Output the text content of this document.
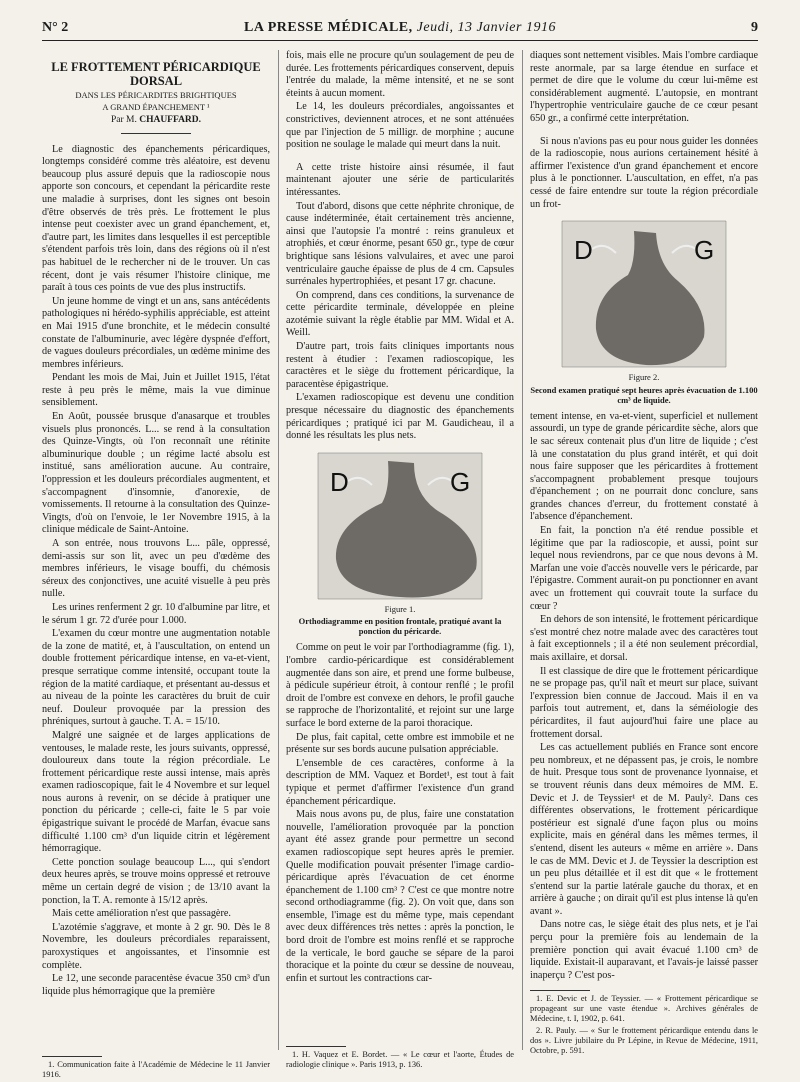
N° 2	LA PRESSE MÉDICALE, Jeudi, 13 Janvier 1916	9
LE FROTTEMENT PÉRICARDIQUE DORSAL
DANS LES PÉRICARDITES BRIGHTIQUES
A GRAND ÉPANCHEMENT ¹
Par M. CHAUFFARD.

Le diagnostic des épanchements péricardiques, longtemps considéré comme très aléatoire, est devenu beaucoup plus assuré depuis que la radioscopie nous apporte son concours, et cependant la péricardite reste une maladie à surprises, dont les signes ont besoin d'être observés de très près. Le frottement le plus intense peut coexister avec un grand épanchement, et, d'autre part, les limites dans lesquelles il est perceptible s'étendent parfois très loin, dans des régions où il n'est pas habituel de le rechercher ni de le trouver. Un cas récent, dont je vais résumer l'histoire clinique, me paraît à tous ces points de vue des plus instructifs.

Un jeune homme de vingt et un ans, sans antécédents pathologiques ni hérédo-syphilis appréciable, est atteint en Mai 1915 d'une bronchite, et le médecin consulté constate de l'albuminurie, avec légère dyspnée d'effort, de vagues douleurs précordiales, un œdème minime des membres inférieurs.

Pendant les mois de Mai, Juin et Juillet 1915, l'état reste à peu près le même, mais la vue diminue sensiblement.

En Août, poussée brusque d'anasarque et troubles visuels plus prononcés. L... se rend à la consultation des Quinze-Vingts, où l'on reconnaît une rétinite albuminurique double ; un régime lacté absolu est institué, sans amélioration aucune. Au contraire, l'oppression et les douleurs précordiales augmentent, et s'accompagnent d'insomnie, d'anorexie, de vomissements. Il retourne à la consultation des Quinze-Vingts, d'où on l'envoie, le 1er Novembre 1915, à la clinique médicale de Saint-Antoine.

A son entrée, nous trouvons L... pâle, oppressé, demi-assis sur son lit, avec un peu d'œdème des membres inférieurs, le visage bouffi, du chémosis séreux des conjonctives, une acuité visuelle à peu près nulle.

Les urines renferment 2 gr. 10 d'albumine par litre, et le sérum 1 gr. 72 d'urée pour 1.000.

L'examen du cœur montre une augmentation notable de la zone de matité, et, à l'auscultation, on entend un double frottement péricardique intense, en va-et-vient, presque serratique comme intensité, occupant toute la région de la matité cardiaque, et présentant au-dessus et au niveau de la pointe les caractères du bruit de cuir neuf. Douleur provoquée par la pression des phréniques, surtout à gauche. T. A. = 15/10.

Malgré une saignée et de larges applications de ventouses, le malade reste, les jours suivants, oppressé, douloureux dans toute la région précordiale. Le frottement péricardique reste aussi intense, mais après examen radioscopique, fait le 4 Novembre et sur lequel nous aurons à revenir, on se décide à pratiquer une ponction du péricarde ; celle-ci, faite le 5 par voie épigastrique suivant le procédé de Marfan, évacue sans difficulté 1.100 cm³ d'un liquide citrin et légèrement hémorragique.

Cette ponction soulage beaucoup L..., qui s'endort deux heures après, se trouve moins oppressé et retrouve même un certain degré de vision ; de 13/10 avant la ponction, la T. A. remonte à 15/12 après.

Mais cette amélioration n'est que passagère.

L'azotémie s'aggrave, et monte à 2 gr. 90. Dès le 8 Novembre, les douleurs précordiales reparaissent, paroxystiques et angoissantes, et l'insomnie est complète.

Le 12, une seconde paracentèse évacue 350 cm³ d'un liquide plus hémorragique que la première

1. Communication faite à l'Académie de Médecine le 11 Janvier 1916.

fois, mais elle ne procure qu'un soulagement de peu de durée. Les frottements péricardiques conservent, depuis l'entrée du malade, la même intensité, et ne se sont éteints à aucun moment.

Le 14, les douleurs précordiales, angoissantes et constrictives, deviennent atroces, et ne sont atténuées que par l'injection de 5 milligr. de morphine ; aucune position ne soulage le malade qui meurt dans la nuit.

A cette triste histoire ainsi résumée, il faut maintenant ajouter une série de particularités intéressantes.

Tout d'abord, disons que cette néphrite chronique, de cause indéterminée, était certainement très ancienne, ainsi que l'autopsie l'a montré : reins granuleux et atrophiés, et cœur énorme, pesant 650 gr., type de cœur brightique sans lésions valvulaires, et avec une paroi ventriculaire gauche épaisse de plus de 4 cm. Capsules surrénales hypertrophiées, et pesant 17 gr. chacune.

On comprend, dans ces conditions, la survenance de cette péricardite terminale, développée en pleine azotémie suivant la règle établie par MM. Widal et A. Weill.

D'autre part, trois faits cliniques importants nous restent à étudier : l'examen radioscopique, les caractères et le siège du frottement péricardique, la paracentèse épigastrique.

L'examen radioscopique est devenu une condition presque nécessaire du diagnostic des épanchements péricardiques ; pratiqué ici par M. Gaudicheau, il a donné les résultats les plus nets.

D	G
Figure 1.
Orthodiagramme en position frontale, pratiqué avant la ponction du péricarde.

Comme on peut le voir par l'orthodiagramme (fig. 1), l'ombre cardio-péricardique est considérablement augmentée dans son aire, et prend une forme bulbeuse, à pédicule supérieur étroit, à contour renflé ; le profil droit de l'ombre est convexe en dehors, le profil gauche se rapproche de l'horizontalité, et rejoint sur une large surface le bord externe de la paroi thoracique.

De plus, fait capital, cette ombre est immobile et ne présente sur ses bords aucune pulsation appréciable.

L'ensemble de ces caractères, conforme à la description de MM. Vaquez et Bordet¹, est tout à fait typique et permet d'affirmer l'existence d'un grand épanchement péricardique.

Mais nous avons pu, de plus, faire une constatation nouvelle, l'amélioration provoquée par la ponction ayant été assez grande pour permettre un second examen radioscopique sept heures après le premier. Quelle modification pouvait présenter l'image cardio-péricardique après l'évacuation de cet énorme épanchement de 1.100 cm³ ? C'est ce que montre notre second orthodiagramme (fig. 2). On voit que, dans son ensemble, l'image est du même type, mais cependant avec deux différences très nettes : après la ponction, le bord droit de l'ombre est moins renflé et se rapproche de la verticale, le bord gauche se sépare de la paroi thoracique et la pointe du cœur se dessine de nouveau, enfin et surtout les contractions car-

1. H. Vaquez et E. Bordet. — « Le cœur et l'aorte, Études de radiologie clinique ». Paris 1913, p. 136.

diaques sont nettement visibles. Mais l'ombre cardiaque reste anormale, par sa large étendue en surface et permet de dire que le volume du cœur lui-même est considérablement augmenté. L'autopsie, en montrant l'hypertrophie ventriculaire gauche de ce cœur pesant 650 gr., a confirmé cette interprétation.

Si nous n'avions pas eu pour nous guider les données de la radioscopie, nous aurions certainement hésité à affirmer l'existence d'un grand épanchement et encore plus à le ponctionner. L'auscultation, en effet, n'a pas cessé de faire entendre sur toute la région précordiale un frot-

D	G
Figure 2.
Second examen pratiqué sept heures après évacuation de 1.100 cm³ de liquide.

tement intense, en va-et-vient, superficiel et nullement assourdi, un type de grande péricardite sèche, alors que le sac séreux contenait plus d'un litre de liquide ; c'est là une constatation du plus grand intérêt, et qui doit nous faire supposer que les péricardites à frottement s'accompagnent probablement presque toujours d'épanchement ; on ne pourrait donc conclure, sans grandes chances d'erreur, du frottement constaté à l'absence d'épanchement.

En fait, la ponction n'a été rendue possible et légitime que par la radioscopie, et aussi, point sur lequel nous reviendrons, par ce que nous devons à M. Marfan une voie d'accès nouvelle vers le péricarde, par l'épigastre. Comment aurait-on pu ponctionner en avant avec un frottement qui couvrait toute la surface du cœur ?

En dehors de son intensité, le frottement péricardique s'est montré chez notre malade avec des caractères tout à fait exceptionnels ; il a été non seulement précordial, mais axillaire, et dorsal.

Il est classique de dire que le frottement péricardique ne se propage pas, qu'il naît et meurt sur place, suivant l'expression bien connue de Jaccoud. Mais il en va parfois tout autrement, et, dans la séméiologie des péricardites, il faut aujourd'hui faire une place au frottement dorsal.

Les cas actuellement publiés en France sont encore peu nombreux, et ne dépassent pas, je crois, le nombre de huit. Presque tous sont de provenance lyonnaise, et se trouvent réunis dans deux mémoires de MM. E. Devic et J. de Teyssier¹ et de M. Pauly². Dans ces différentes observations, le frottement péricardique postérieur est signalé d'une façon plus ou moins explicite, mais en général dans les mêmes termes, il s'entend, disent les auteurs « même en arrière ». Dans le cas de MM. Devic et J. de Teyssier la description est un peu plus détaillée et il est dit que « le frottement s'entend sur la partie latérale gauche du thorax, et en arrière à gauche ; on dirait qu'il est plus intense là qu'en avant ».

Dans notre cas, le siège était des plus nets, et je l'ai perçu pour la première fois au lendemain de la première ponction qui avait évacué 1.100 cm³ de liquide. Existait-il auparavant, et l'avais-je laissé passer inaperçu ? C'est pos-

1. E. Devic et J. de Teyssier. — « Frottement péricardique se propageant sur une vaste étendue ». Archives générales de Médecine, t. I, 1902, p. 641.

2. R. Pauly. — « Sur le frottement péricardique entendu dans le dos ». Livre jubilaire du Pr Lépine, in Revue de Médecine, 1911, Octobre, p. 591.
